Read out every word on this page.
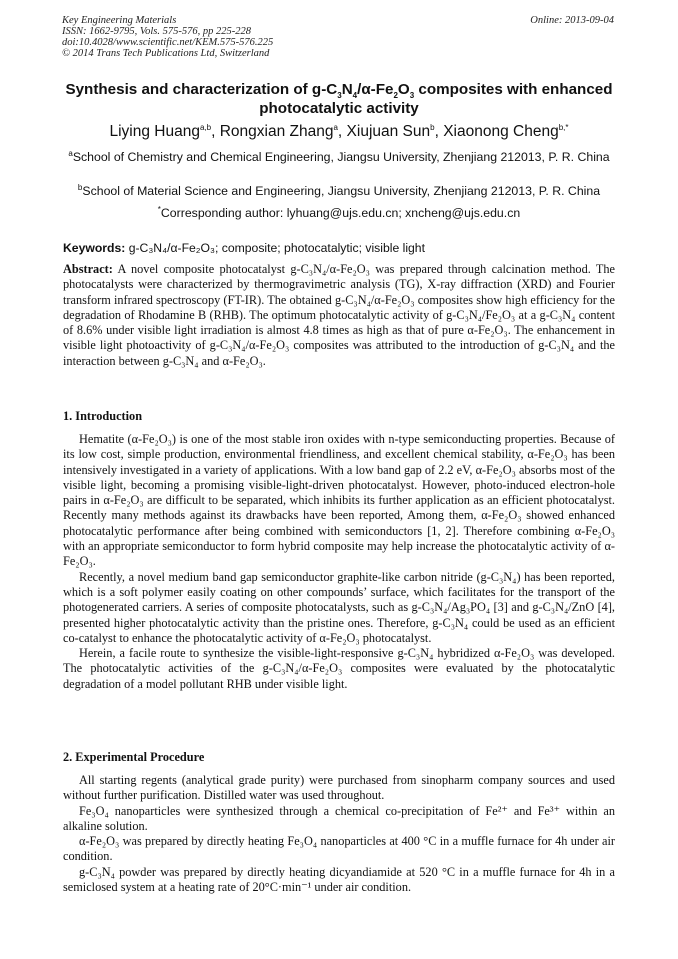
Key Engineering Materials
ISSN: 1662-9795, Vols. 575-576, pp 225-228
doi:10.4028/www.scientific.net/KEM.575-576.225
© 2014 Trans Tech Publications Ltd, Switzerland
Online: 2013-09-04
Synthesis and characterization of $g-C_3N_4/\alpha-Fe_2O_3$ composites with enhanced photocatalytic activity
Liying Huang$^{a,b}$, Rongxian Zhang$^a$, Xiujuan Sun$^b$, Xiaonong Cheng$^{b,*}$
$^a$School of Chemistry and Chemical Engineering, Jiangsu University, Zhenjiang 212013, P. R. China
$^b$School of Material Science and Engineering, Jiangsu University, Zhenjiang 212013, P. R. China
*Corresponding author: lyhuang@ujs.edu.cn; xncheng@ujs.edu.cn
Keywords: g-C₃N₄/α-Fe₂O₃; composite; photocatalytic; visible light
Abstract: A novel composite photocatalyst g-C₃N₄/α-Fe₂O₃ was prepared through calcination method. The photocatalysts were characterized by thermogravimetric analysis (TG), X-ray diffraction (XRD) and Fourier transform infrared spectroscopy (FT-IR). The obtained g-C₃N₄/α-Fe₂O₃ composites show high efficiency for the degradation of Rhodamine B (RHB). The optimum photocatalytic activity of g-C₃N₄/Fe₂O₃ at a g-C₃N₄ content of 8.6% under visible light irradiation is almost 4.8 times as high as that of pure α-Fe₂O₃. The enhancement in visible light photoactivity of g-C₃N₄/α-Fe₂O₃ composites was attributed to the introduction of g-C₃N₄ and the interaction between g-C₃N₄ and α-Fe₂O₃.
1. Introduction

Hematite (α-Fe₂O₃) is one of the most stable iron oxides with n-type semiconducting properties. Because of its low cost, simple production, environmental friendliness, and excellent chemical stability, α-Fe₂O₃ has been intensively investigated in a variety of applications. With a low band gap of 2.2 eV, α-Fe₂O₃ absorbs most of the visible light, becoming a promising visible-light-driven photocatalyst. However, photo-induced electron-hole pairs in α-Fe₂O₃ are difficult to be separated, which inhibits its further application as an efficient photocatalyst. Recently many methods against its drawbacks have been reported, Among them, α-Fe₂O₃ showed enhanced photocatalytic performance after being combined with semiconductors [1, 2]. Therefore combining α-Fe₂O₃ with an appropriate semiconductor to form hybrid composite may help increase the photocatalytic activity of α-Fe₂O₃.

Recently, a novel medium band gap semiconductor graphite-like carbon nitride (g-C₃N₄) has been reported, which is a soft polymer easily coating on other compounds’ surface, which facilitates for the transport of the photogenerated carriers. A series of composite photocatalysts, such as g-C₃N₄/Ag₃PO₄ [3] and g-C₃N₄/ZnO [4], presented higher photocatalytic activity than the pristine ones. Therefore, g-C₃N₄ could be used as an efficient co-catalyst to enhance the photocatalytic activity of α-Fe₂O₃ photocatalyst.

Herein, a facile route to synthesize the visible-light-responsive g-C₃N₄ hybridized α-Fe₂O₃ was developed. The photocatalytic activities of the g-C₃N₄/α-Fe₂O₃ composites were evaluated by the photocatalytic degradation of a model pollutant RHB under visible light.

2. Experimental Procedure

All starting regents (analytical grade purity) were purchased from sinopharm company sources and used without further purification. Distilled water was used throughout.

Fe₃O₄ nanoparticles were synthesized through a chemical co-precipitation of Fe²⁺ and Fe³⁺ within an alkaline solution.

α-Fe₂O₃ was prepared by directly heating Fe₃O₄ nanoparticles at 400 °C in a muffle furnace for 4h under air condition.

g-C₃N₄ powder was prepared by directly heating dicyandiamide at 520 °C in a muffle furnace for 4h in a semiclosed system at a heating rate of 20°C·min⁻¹ under air condition.
